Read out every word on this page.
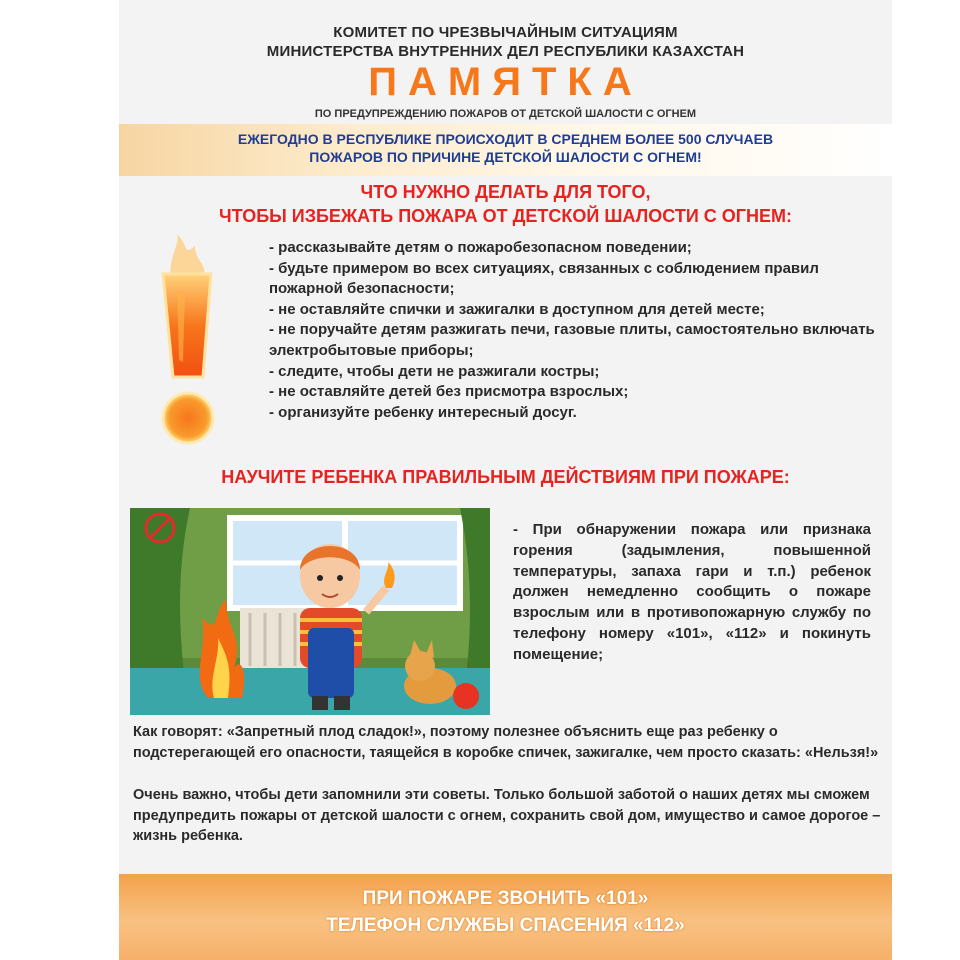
КОМИТЕТ ПО ЧРЕЗВЫЧАЙНЫМ СИТУАЦИЯМ
МИНИСТЕРСТВА ВНУТРЕННИХ ДЕЛ РЕСПУБЛИКИ КАЗАХСТАН
ПАМЯТКА
ПО ПРЕДУПРЕЖДЕНИЮ ПОЖАРОВ ОТ ДЕТСКОЙ ШАЛОСТИ С ОГНЕМ
ЕЖЕГОДНО В РЕСПУБЛИКЕ ПРОИСХОДИТ В СРЕДНЕМ БОЛЕЕ 500 СЛУЧАЕВ
ПОЖАРОВ ПО ПРИЧИНЕ ДЕТСКОЙ ШАЛОСТИ С ОГНЕМ!
ЧТО НУЖНО ДЕЛАТЬ ДЛЯ ТОГО,
ЧТОБЫ ИЗБЕЖАТЬ ПОЖАРА ОТ ДЕТСКОЙ ШАЛОСТИ С ОГНЕМ:
- рассказывайте детям о пожаробезопасном поведении;
- будьте примером во всех ситуациях, связанных с соблюдением правил пожарной безопасности;
- не оставляйте спички и зажигалки в доступном для детей месте;
- не поручайте детям разжигать печи, газовые плиты, самостоятельно включать электробытовые приборы;
- следите, чтобы дети не разжигали костры;
- не оставляйте детей без присмотра взрослых;
- организуйте ребенку интересный досуг.
НАУЧИТЕ РЕБЕНКА ПРАВИЛЬНЫМ ДЕЙСТВИЯМ ПРИ ПОЖАРЕ:
- При обнаружении пожара или признака горения (задымления, повышенной температуры, запаха гари и т.п.) ребенок должен немедленно сообщить о пожаре взрослым или в противопожарную службу по телефону номеру «101», «112» и покинуть помещение;
Как говорят: «Запретный плод сладок!», поэтому полезнее объяснить еще раз ребенку о подстерегающей его опасности, таящейся в коробке спичек, зажигалке, чем просто сказать: «Нельзя!»
Очень важно, чтобы дети запомнили эти советы. Только большой заботой о наших детях мы сможем предупредить пожары от детской шалости с огнем, сохранить свой дом, имущество и самое дорогое – жизнь ребенка.
ПРИ ПОЖАРЕ ЗВОНИТЬ «101»
ТЕЛЕФОН СЛУЖБЫ СПАСЕНИЯ «112»
